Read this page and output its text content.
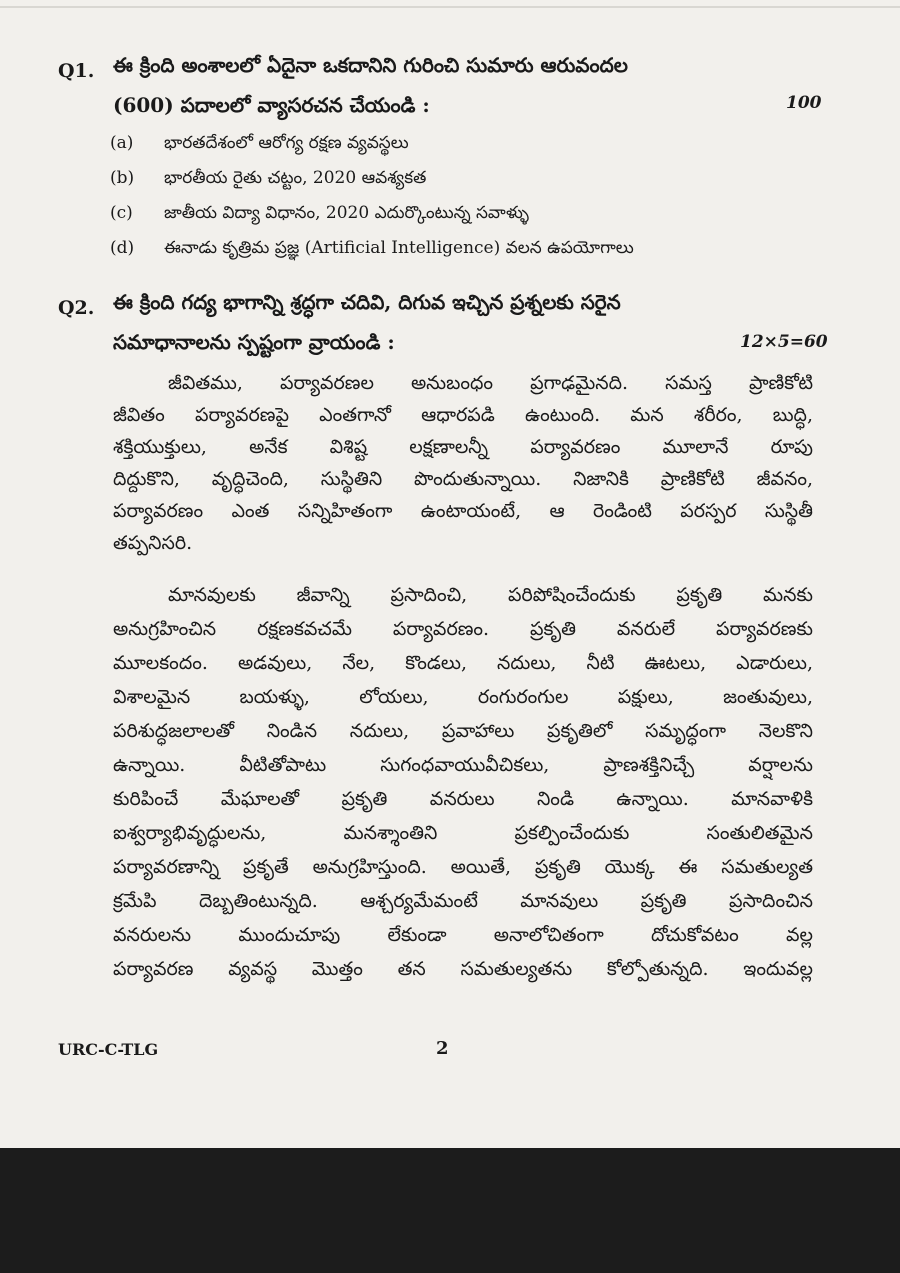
Q1. ఈ క్రింది అంశాలలో ఏదైనా ఒకదానిని గురించి సుమారు ఆరువందల
(600) పదాలలో వ్యాసరచన చేయండి :	100
(a) భారతదేశంలో ఆరోగ్య రక్షణ వ్యవస్థలు
(b) భారతీయ రైతు చట్టం, 2020 ఆవశ్యకత
(c) జాతీయ విద్యా విధానం, 2020 ఎదుర్కొంటున్న సవాళ్ళు
(d) ఈనాడు కృత్రిమ ప్రజ్ఞ (Artificial Intelligence) వలన ఉపయోగాలు
Q2. ఈ క్రింది గద్య భాగాన్ని శ్రద్ధగా చదివి, దిగువ ఇచ్చిన ప్రశ్నలకు సరైన
సమాధానాలను స్పష్టంగా వ్రాయండి :	12×5=60
జీవితము, పర్యావరణల అనుబంధం ప్రగాఢమైనది. సమస్త ప్రాణికోటి
జీవితం పర్యావరణపై ఎంతగానో ఆధారపడి ఉంటుంది. మన శరీరం, బుద్ధి,
శక్తియుక్తులు, అనేక విశిష్ట లక్షణాలన్నీ పర్యావరణం మూలానే రూపు
దిద్దుకొని, వృద్ధిచెంది, సుస్థితిని పొందుతున్నాయి. నిజానికి ప్రాణికోటి జీవనం,
పర్యావరణం ఎంత సన్నిహితంగా ఉంటాయంటే, ఆ రెండింటి పరస్పర సుస్థితీ
తప్పనిసరి.
మానవులకు జీవాన్ని ప్రసాదించి, పరిపోషించేందుకు ప్రకృతి మనకు
అనుగ్రహించిన రక్షణకవచమే పర్యావరణం. ప్రకృతి వనరులే పర్యావరణకు
మూలకందం. అడవులు, నేల, కొండలు, నదులు, నీటి ఊటలు, ఎడారులు,
విశాలమైన బయళ్ళు, లోయలు, రంగురంగుల పక్షులు, జంతువులు,
పరిశుద్ధజలాలతో నిండిన నదులు, ప్రవాహాలు ప్రకృతిలో సమృద్ధంగా నెలకొని
ఉన్నాయి. వీటితోపాటు సుగంధవాయువీచికలు, ప్రాణశక్తినిచ్చే వర్షాలను
కురిపించే మేఘాలతో ప్రకృతి వనరులు నిండి ఉన్నాయి. మానవాళికి
ఐశ్వర్యాభివృద్ధులను, మనశ్శాంతిని ప్రకల్పించేందుకు సంతులితమైన
పర్యావరణాన్ని ప్రకృతే అనుగ్రహిస్తుంది. అయితే, ప్రకృతి యొక్క ఈ సమతుల్యత
క్రమేపి దెబ్బతింటున్నది. ఆశ్చర్యమేమంటే మానవులు ప్రకృతి ప్రసాదించిన
వనరులను ముందుచూపు లేకుండా అనాలోచితంగా దోచుకోవటం వల్ల
పర్యావరణ వ్యవస్థ మొత్తం తన సమతుల్యతను కోల్పోతున్నది. ఇందువల్ల
URC-C-TLG	2
